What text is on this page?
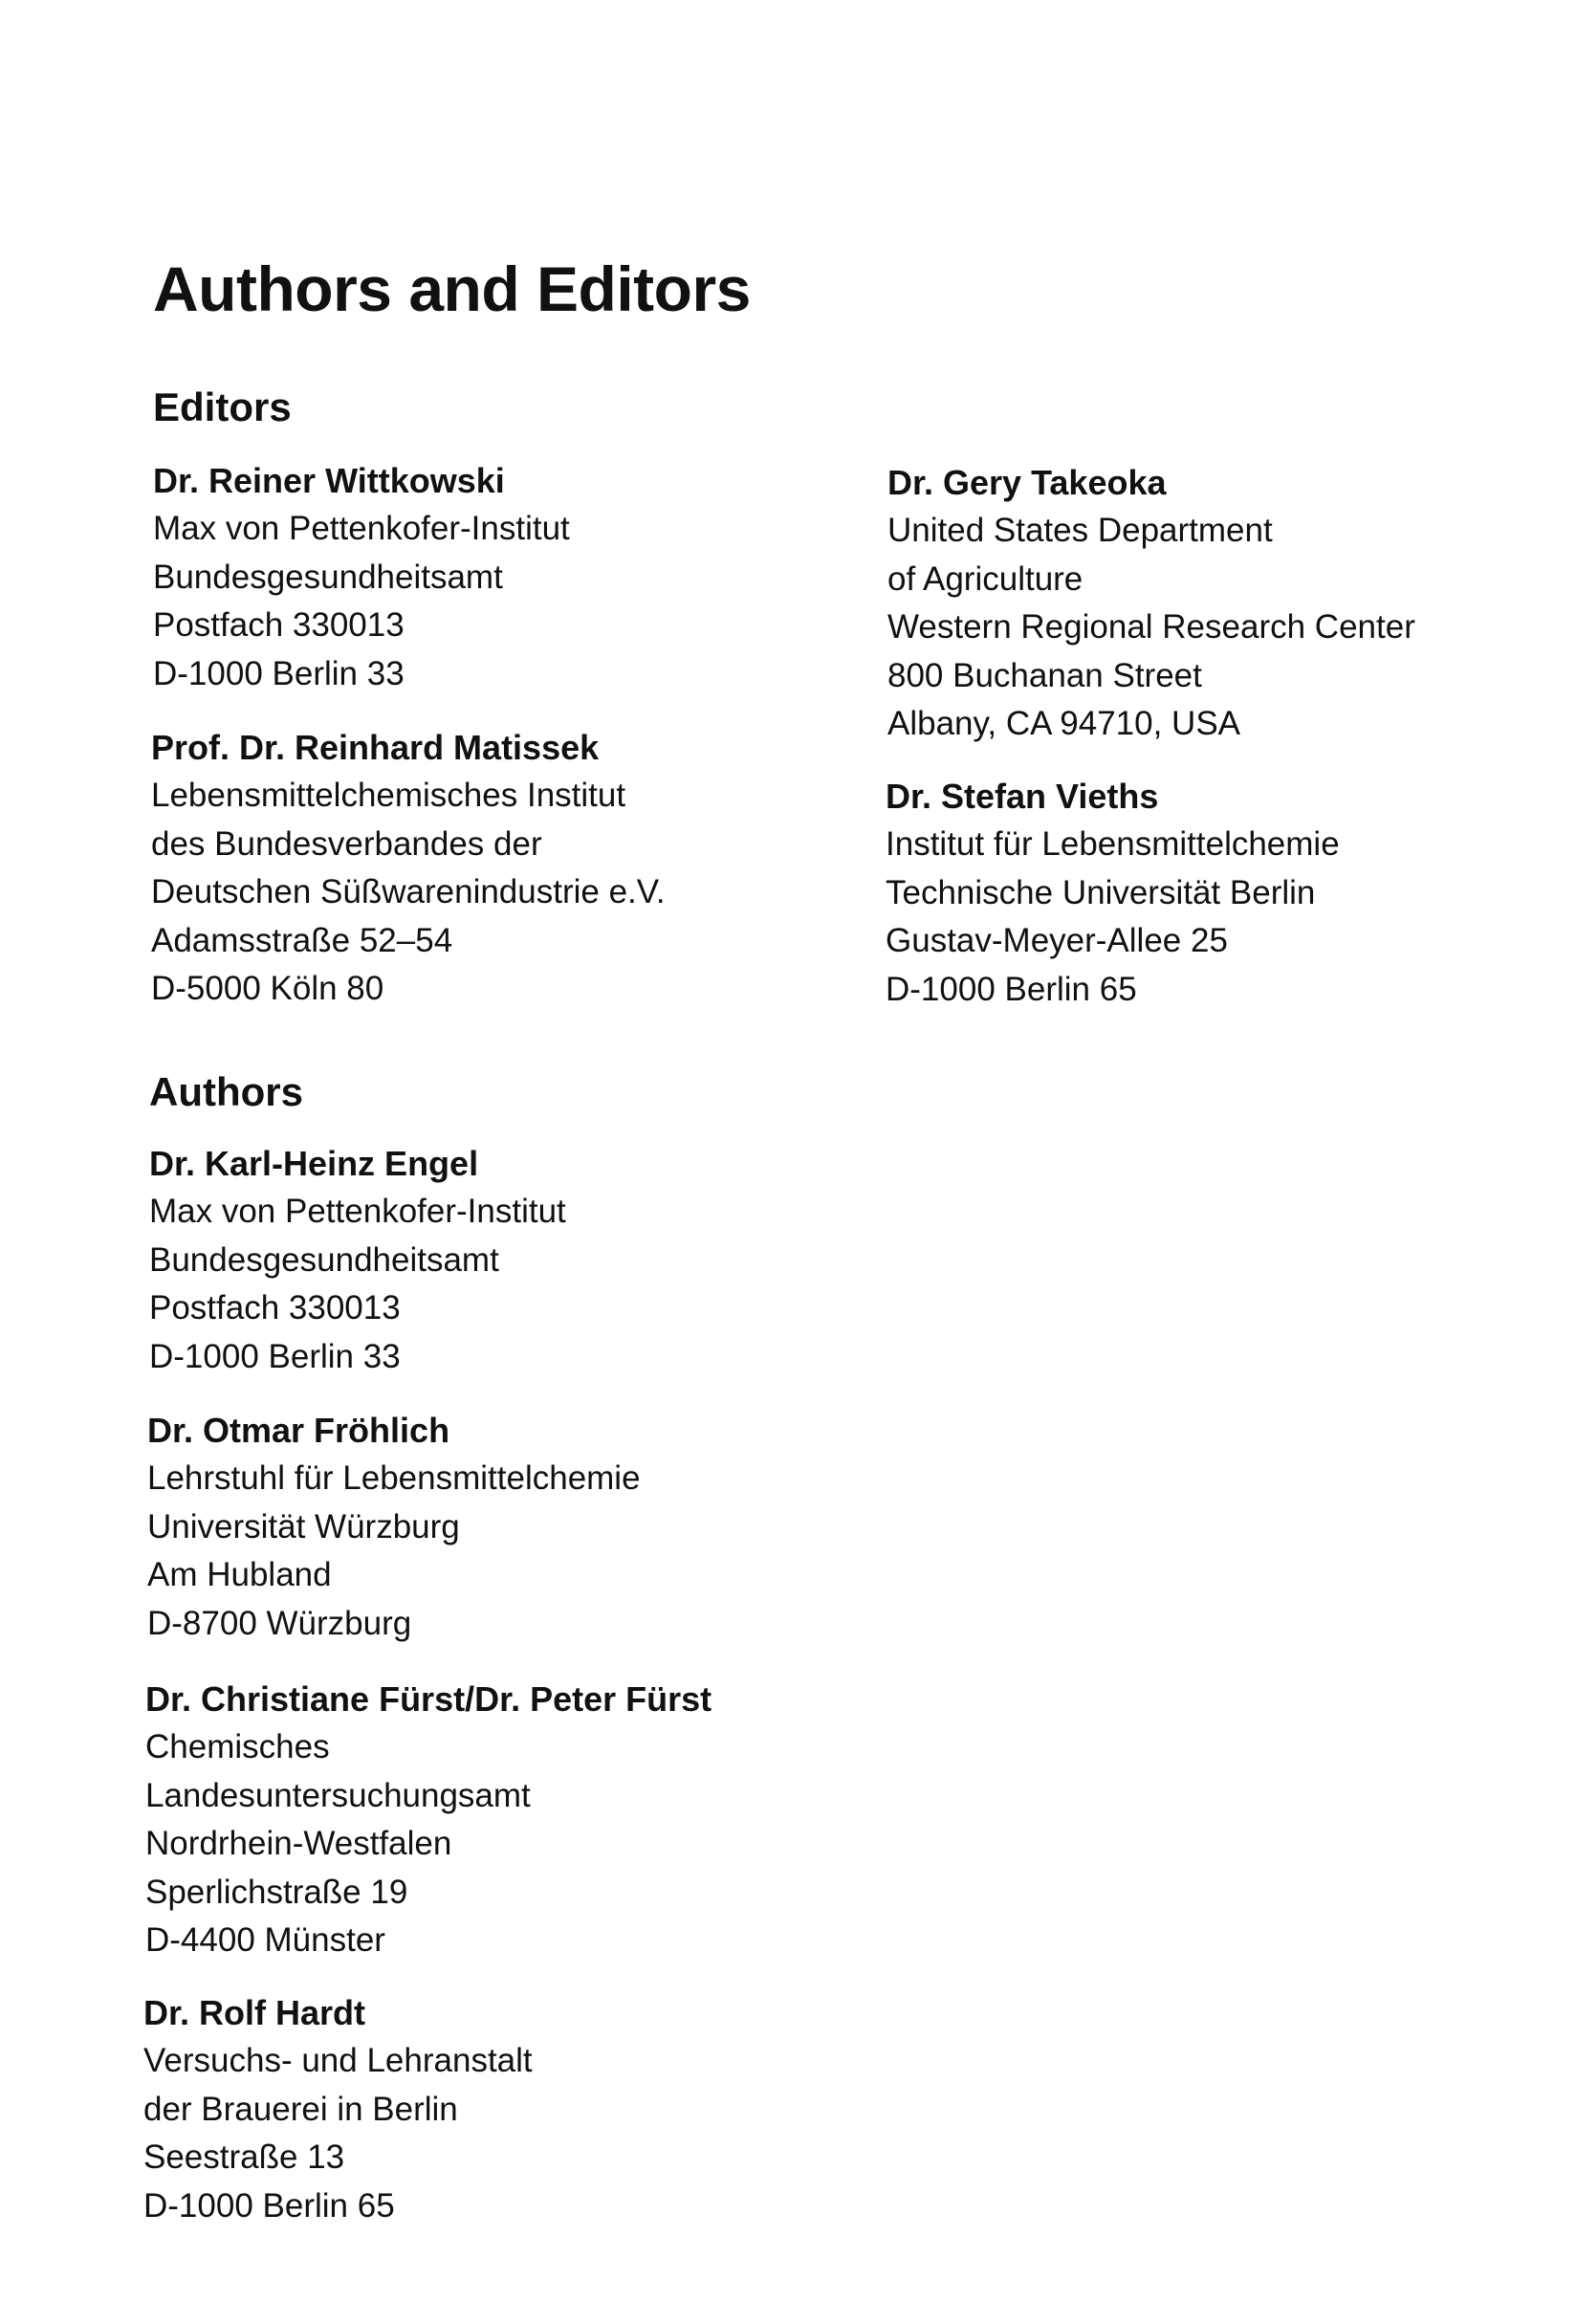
Authors and Editors
Editors
Dr. Reiner Wittkowski
Max von Pettenkofer-Institut
Bundesgesundheitsamt
Postfach 330013
D-1000 Berlin 33
Prof. Dr. Reinhard Matissek
Lebensmittelchemisches Institut
des Bundesverbandes der
Deutschen Süßwarenindustrie e.V.
Adamsstraße 52–54
D-5000 Köln 80
Dr. Gery Takeoka
United States Department
of Agriculture
Western Regional Research Center
800 Buchanan Street
Albany, CA 94710, USA
Dr. Stefan Vieths
Institut für Lebensmittelchemie
Technische Universität Berlin
Gustav-Meyer-Allee 25
D-1000 Berlin 65
Authors
Dr. Karl-Heinz Engel
Max von Pettenkofer-Institut
Bundesgesundheitsamt
Postfach 330013
D-1000 Berlin 33
Dr. Otmar Fröhlich
Lehrstuhl für Lebensmittelchemie
Universität Würzburg
Am Hubland
D-8700 Würzburg
Dr. Christiane Fürst/Dr. Peter Fürst
Chemisches
Landesuntersuchungsamt
Nordrhein-Westfalen
Sperlichstraße 19
D-4400 Münster
Dr. Rolf Hardt
Versuchs- und Lehranstalt
der Brauerei in Berlin
Seestraße 13
D-1000 Berlin 65
